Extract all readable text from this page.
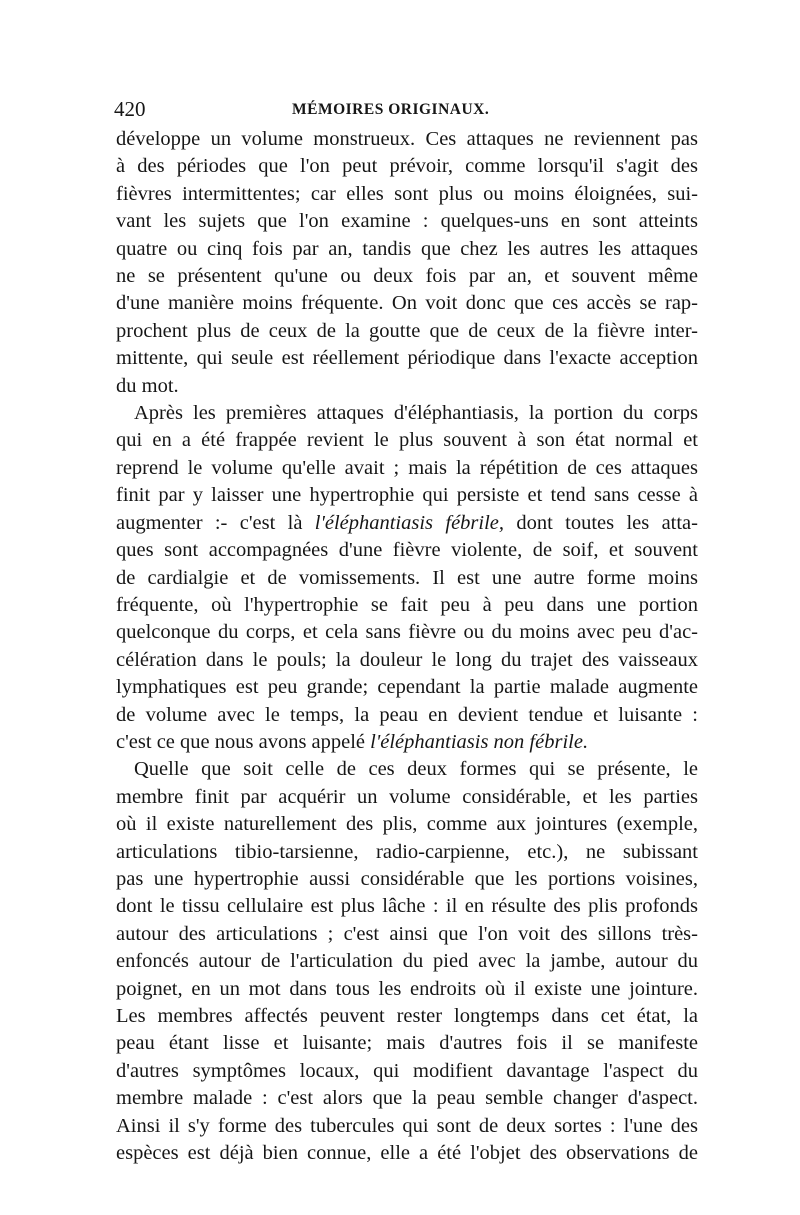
420	MÉMOIRES ORIGINAUX.

développe un volume monstrueux. Ces attaques ne reviennent pas
à des périodes que l'on peut prévoir, comme lorsqu'il s'agit des
fièvres intermittentes; car elles sont plus ou moins éloignées, sui-
vant les sujets que l'on examine : quelques-uns en sont atteints
quatre ou cinq fois par an, tandis que chez les autres les attaques
ne se présentent qu'une ou deux fois par an, et souvent même
d'une manière moins fréquente. On voit donc que ces accès se rap-
prochent plus de ceux de la goutte que de ceux de la fièvre inter-
mittente, qui seule est réellement périodique dans l'exacte acception
du mot.

Après les premières attaques d'éléphantiasis, la portion du corps
qui en a été frappée revient le plus souvent à son état normal et
reprend le volume qu'elle avait ; mais la répétition de ces attaques
finit par y laisser une hypertrophie qui persiste et tend sans cesse à
augmenter :- c'est là l'éléphantiasis fébrile, dont toutes les atta-
ques sont accompagnées d'une fièvre violente, de soif, et souvent
de cardialgie et de vomissements. Il est une autre forme moins
fréquente, où l'hypertrophie se fait peu à peu dans une portion
quelconque du corps, et cela sans fièvre ou du moins avec peu d'ac-
célération dans le pouls; la douleur le long du trajet des vaisseaux
lymphatiques est peu grande; cependant la partie malade augmente
de volume avec le temps, la peau en devient tendue et luisante :
c'est ce que nous avons appelé l'éléphantiasis non fébrile.

Quelle que soit celle de ces deux formes qui se présente, le
membre finit par acquérir un volume considérable, et les parties
où il existe naturellement des plis, comme aux jointures (exemple,
articulations tibio-tarsienne, radio-carpienne, etc.), ne subissant
pas une hypertrophie aussi considérable que les portions voisines,
dont le tissu cellulaire est plus lâche : il en résulte des plis profonds
autour des articulations ; c'est ainsi que l'on voit des sillons très-
enfoncés autour de l'articulation du pied avec la jambe, autour du
poignet, en un mot dans tous les endroits où il existe une jointure.
Les membres affectés peuvent rester longtemps dans cet état, la
peau étant lisse et luisante; mais d'autres fois il se manifeste
d'autres symptômes locaux, qui modifient davantage l'aspect du
membre malade : c'est alors que la peau semble changer d'aspect.
Ainsi il s'y forme des tubercules qui sont de deux sortes : l'une des
espèces est déjà bien connue, elle a été l'objet des observations de
